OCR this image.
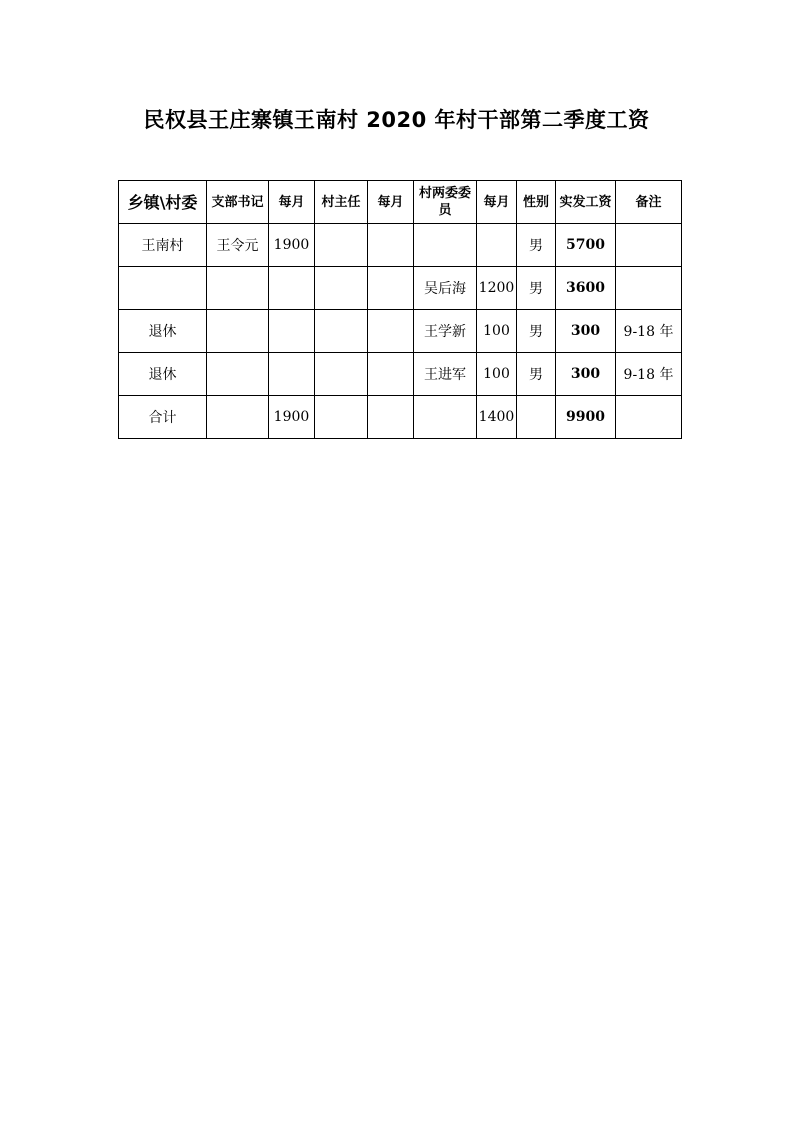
民权县王庄寨镇王南村 2020 年村干部第二季度工资
乡镇\村委	支部书记	每月	村主任	每月	村两委委员	每月	性别	实发工资	备注
王南村	王令元	1900					男	5700	
					吴后海	1200	男	3600	
退休					王学新	100	男	300	9-18 年
退休					王进军	100	男	300	9-18 年
合计		1900				1400		9900	
